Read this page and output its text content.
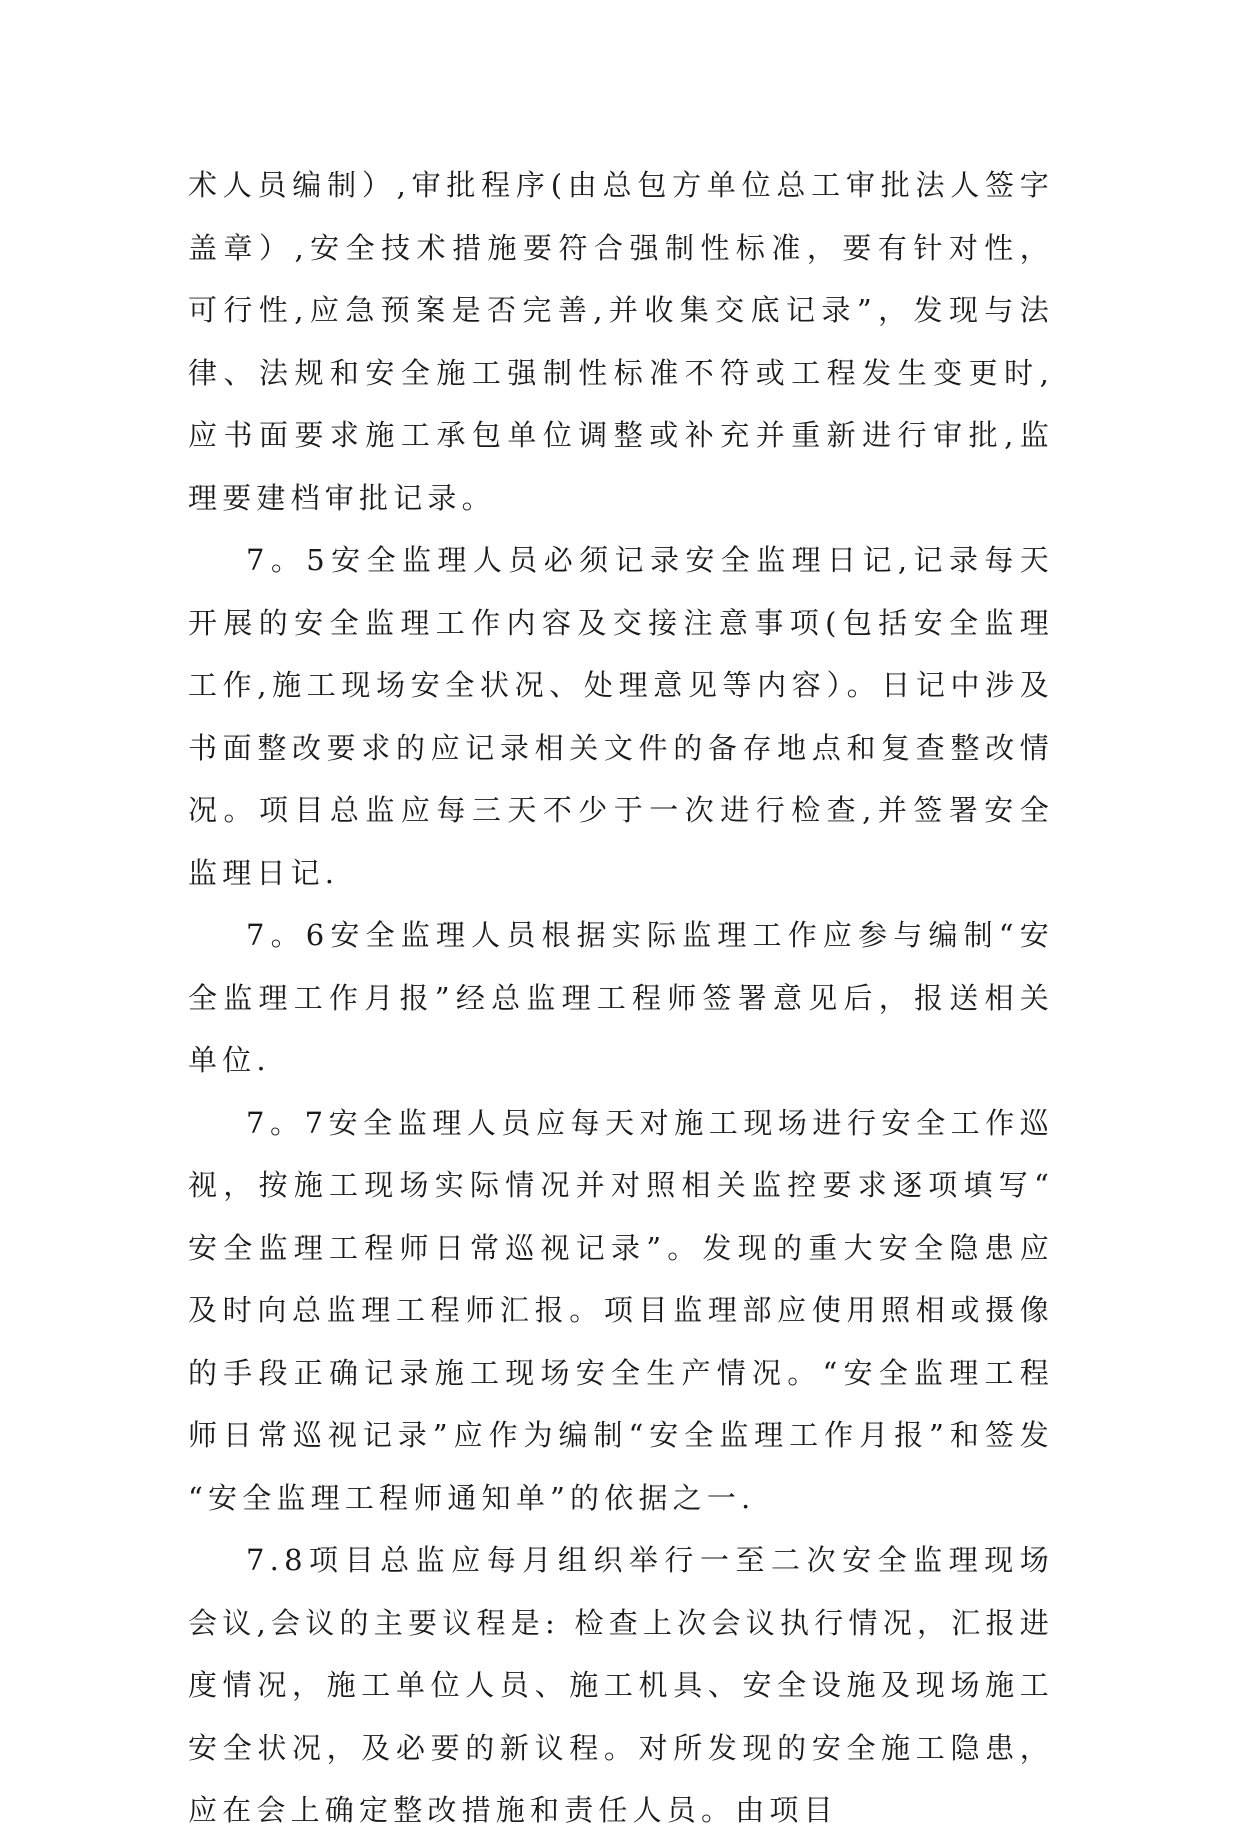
术人员编制）,审批程序(由总包方单位总工审批法人签字盖章）,安全技术措施要符合强制性标准，要有针对性，可行性,应急预案是否完善,并收集交底记录”，发现与法律、法规和安全施工强制性标准不符或工程发生变更时,应书面要求施工承包单位调整或补充并重新进行审批,监理要建档审批记录。

7。5安全监理人员必须记录安全监理日记,记录每天开展的安全监理工作内容及交接注意事项(包括安全监理工作,施工现场安全状况、处理意见等内容）。日记中涉及书面整改要求的应记录相关文件的备存地点和复查整改情况。项目总监应每三天不少于一次进行检查,并签署安全监理日记.

7。6安全监理人员根据实际监理工作应参与编制“安全监理工作月报”经总监理工程师签署意见后，报送相关单位.

7。7安全监理人员应每天对施工现场进行安全工作巡视，按施工现场实际情况并对照相关监控要求逐项填写“安全监理工程师日常巡视记录”。发现的重大安全隐患应及时向总监理工程师汇报。项目监理部应使用照相或摄像的手段正确记录施工现场安全生产情况。“安全监理工程师日常巡视记录”应作为编制“安全监理工作月报”和签发“安全监理工程师通知单”的依据之一.

7.8项目总监应每月组织举行一至二次安全监理现场会议,会议的主要议程是: 检查上次会议执行情况，汇报进度情况，施工单位人员、施工机具、安全设施及现场施工安全状况，及必要的新议程。对所发现的安全施工隐患，应在会上确定整改措施和责任人员。由项目
